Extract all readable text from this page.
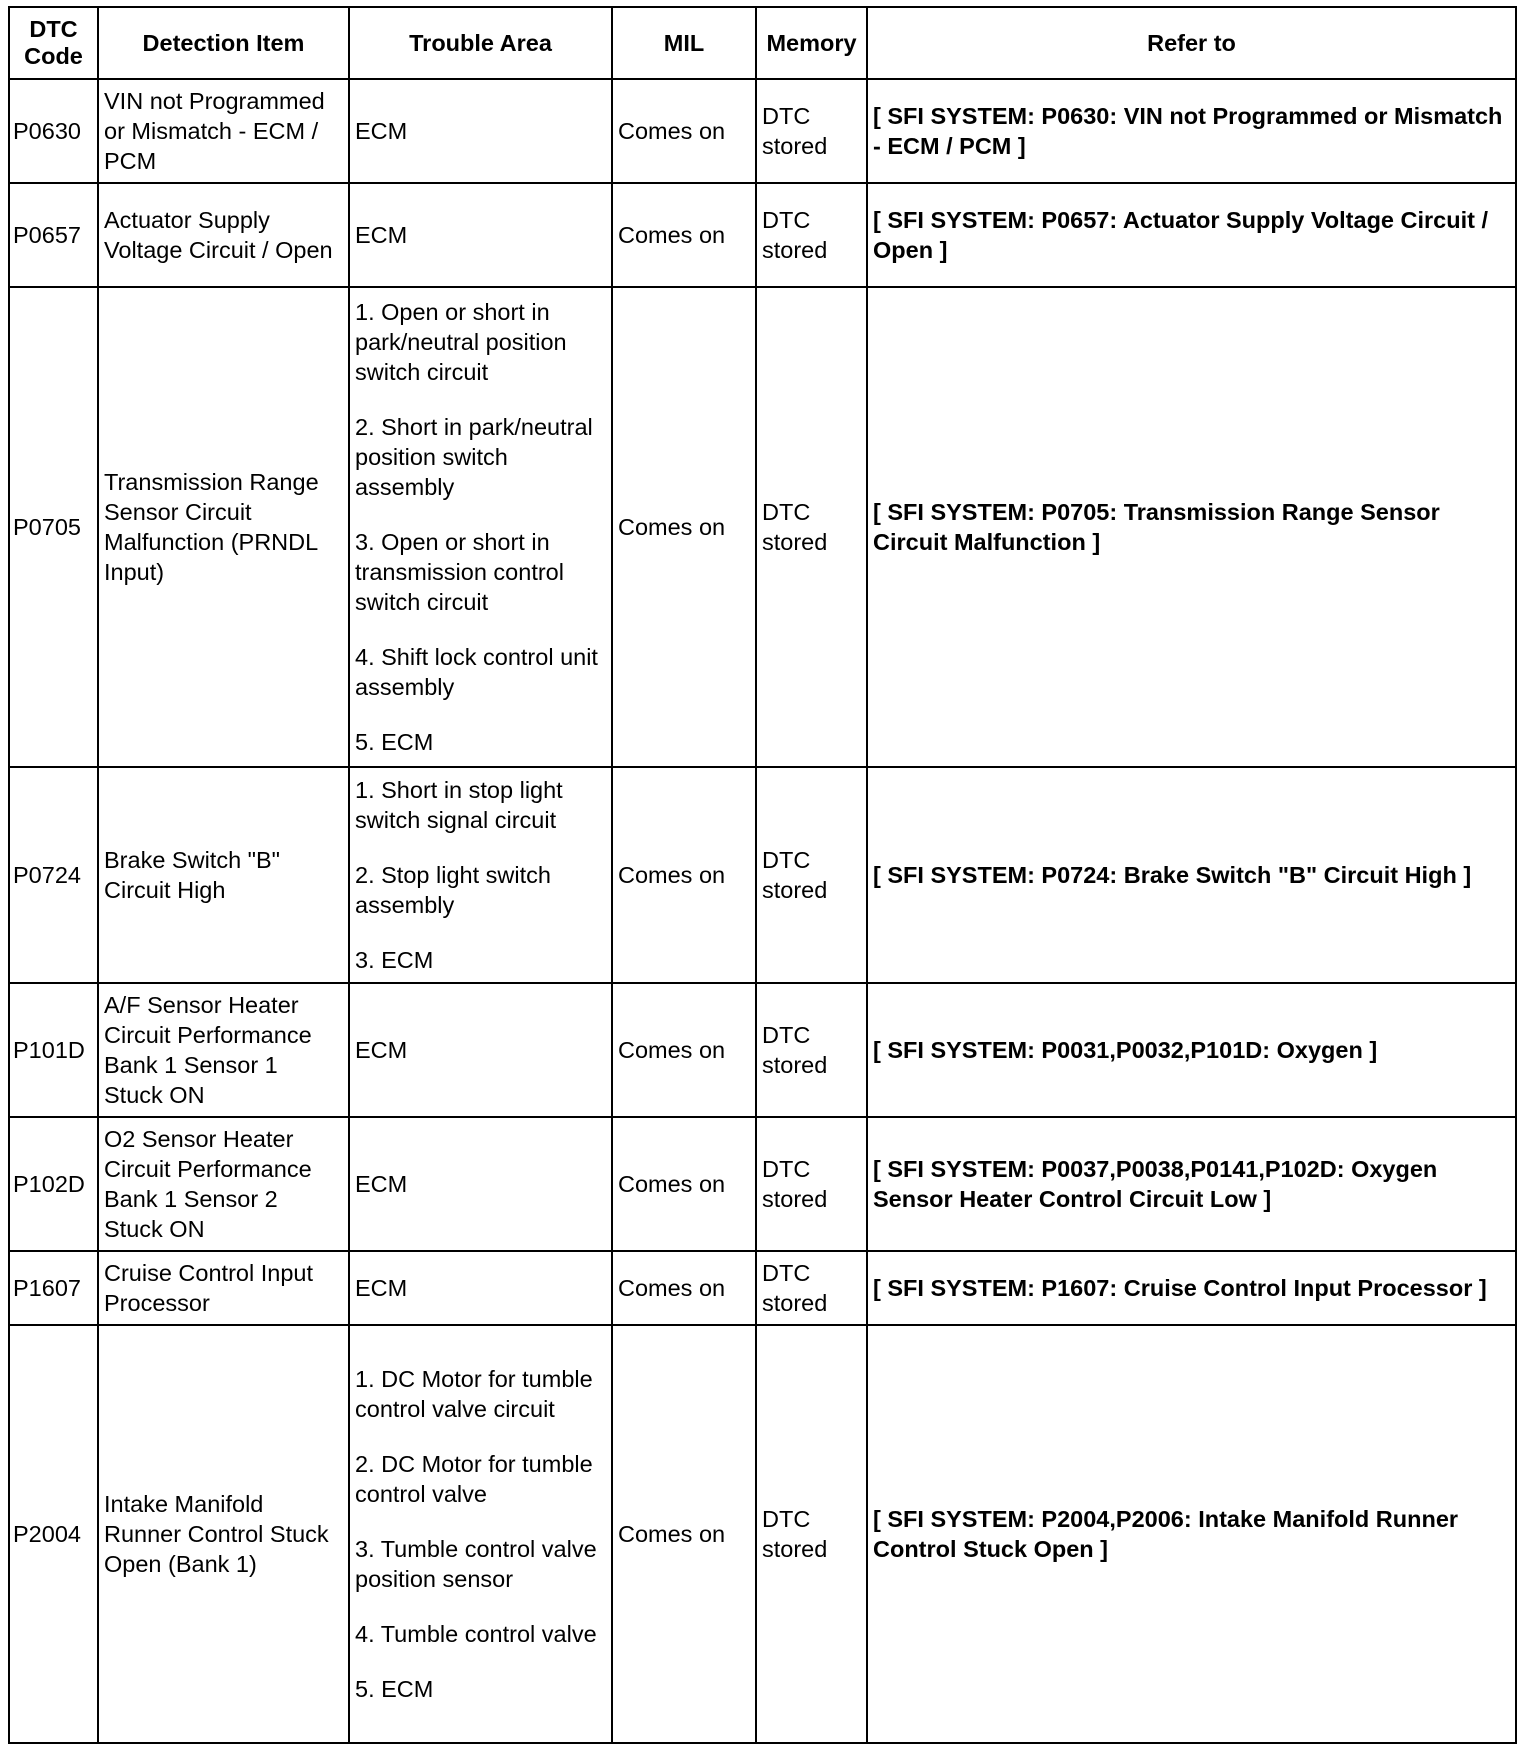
DTC
Code	Detection Item	Trouble Area	MIL	Memory	Refer to
P0630	VIN not Programmed or Mismatch - ECM / PCM	ECM	Comes on	DTC stored	[ SFI SYSTEM: P0630: VIN not Programmed or Mismatch - ECM / PCM ]
P0657	Actuator Supply Voltage Circuit / Open	ECM	Comes on	DTC stored	[ SFI SYSTEM: P0657: Actuator Supply Voltage Circuit / Open ]
P0705	Transmission Range Sensor Circuit Malfunction (PRNDL Input)	1. Open or short in park/neutral position switch circuit
2. Short in park/neutral position switch assembly
3. Open or short in transmission control switch circuit
4. Shift lock control unit assembly
5. ECM	Comes on	DTC stored	[ SFI SYSTEM: P0705: Transmission Range Sensor Circuit Malfunction ]
P0724	Brake Switch "B" Circuit High	1. Short in stop light switch signal circuit
2. Stop light switch assembly
3. ECM	Comes on	DTC stored	[ SFI SYSTEM: P0724: Brake Switch "B" Circuit High ]
P101D	A/F Sensor Heater Circuit Performance Bank 1 Sensor 1 Stuck ON	ECM	Comes on	DTC stored	[ SFI SYSTEM: P0031,P0032,P101D: Oxygen ]
P102D	O2 Sensor Heater Circuit Performance Bank 1 Sensor 2 Stuck ON	ECM	Comes on	DTC stored	[ SFI SYSTEM: P0037,P0038,P0141,P102D: Oxygen Sensor Heater Control Circuit Low ]
P1607	Cruise Control Input Processor	ECM	Comes on	DTC stored	[ SFI SYSTEM: P1607: Cruise Control Input Processor ]
P2004	Intake Manifold Runner Control Stuck Open (Bank 1)	1. DC Motor for tumble control valve circuit
2. DC Motor for tumble control valve
3. Tumble control valve position sensor
4. Tumble control valve
5. ECM	Comes on	DTC stored	[ SFI SYSTEM: P2004,P2006: Intake Manifold Runner Control Stuck Open ]
